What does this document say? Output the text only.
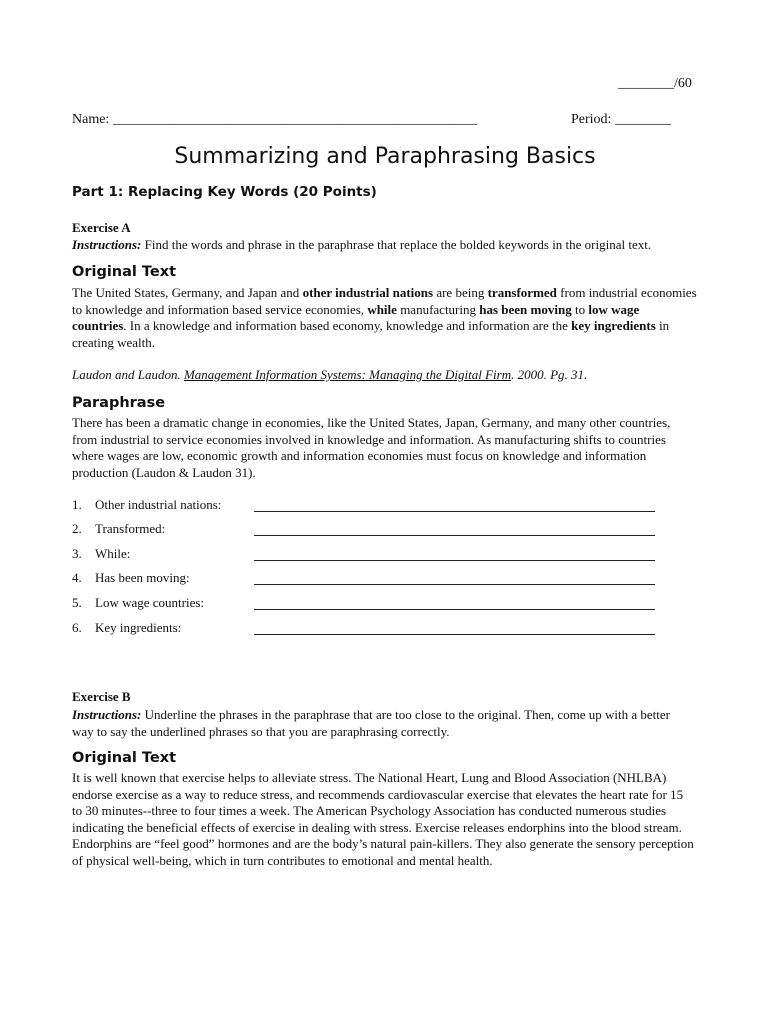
________/60
Name: ____________________________________________________	Period: ________
Summarizing and Paraphrasing Basics
Part 1: Replacing Key Words (20 Points)
Exercise A
Instructions: Find the words and phrase in the paraphrase that replace the bolded keywords in the original text.
Original Text
The United States, Germany, and Japan and other industrial nations are being transformed from industrial economies to knowledge and information based service economies, while manufacturing has been moving to low wage countries. In a knowledge and information based economy, knowledge and information are the key ingredients in creating wealth.
Laudon and Laudon. Management Information Systems: Managing the Digital Firm. 2000. Pg. 31.
Paraphrase
There has been a dramatic change in economies, like the United States, Japan, Germany, and many other countries, from industrial to service economies involved in knowledge and information. As manufacturing shifts to countries where wages are low, economic growth and information economies must focus on knowledge and information production (Laudon & Laudon 31).
1. Other industrial nations:
2. Transformed:
3. While:
4. Has been moving:
5. Low wage countries:
6. Key ingredients:
Exercise B
Instructions: Underline the phrases in the paraphrase that are too close to the original. Then, come up with a better way to say the underlined phrases so that you are paraphrasing correctly.
Original Text
It is well known that exercise helps to alleviate stress. The National Heart, Lung and Blood Association (NHLBA) endorse exercise as a way to reduce stress, and recommends cardiovascular exercise that elevates the heart rate for 15 to 30 minutes--three to four times a week. The American Psychology Association has conducted numerous studies indicating the beneficial effects of exercise in dealing with stress. Exercise releases endorphins into the blood stream. Endorphins are “feel good” hormones and are the body’s natural pain-killers. They also generate the sensory perception of physical well-being, which in turn contributes to emotional and mental health.
